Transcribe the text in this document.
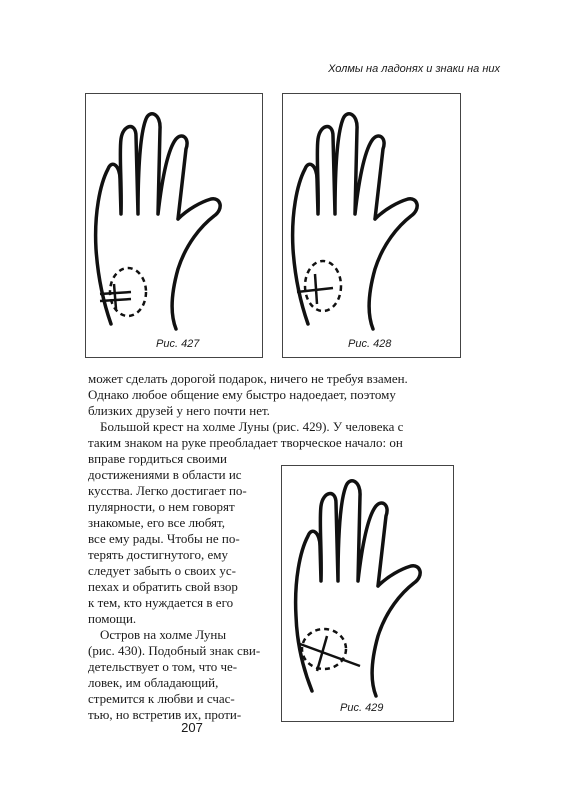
Холмы на ладонях и знаки на них
Рис. 427	Рис. 428
Рис. 429
может сделать дорогой подарок, ничего не требуя взамен.
Однако любое общение ему быстро надоедает, поэтому
близких друзей у него почти нет.
Большой крест на холме Луны (рис. 429). У человека с
таким знаком на руке преобладает творческое начало: он
вправе гордиться своими
достижениями в области ис
кусства. Легко достигает по-
пулярности, о нем говорят
знакомые, его все любят,
все ему рады. Чтобы не по-
терять достигнутого, ему
следует забыть о своих ус-
пехах и обратить свой взор
к тем, кто нуждается в его
помощи.
Остров на холме Луны
(рис. 430). Подобный знак сви-
детельствует о том, что че-
ловек, им обладающий,
стремится к любви и счас-
тью, но встретив их, проти-
207
